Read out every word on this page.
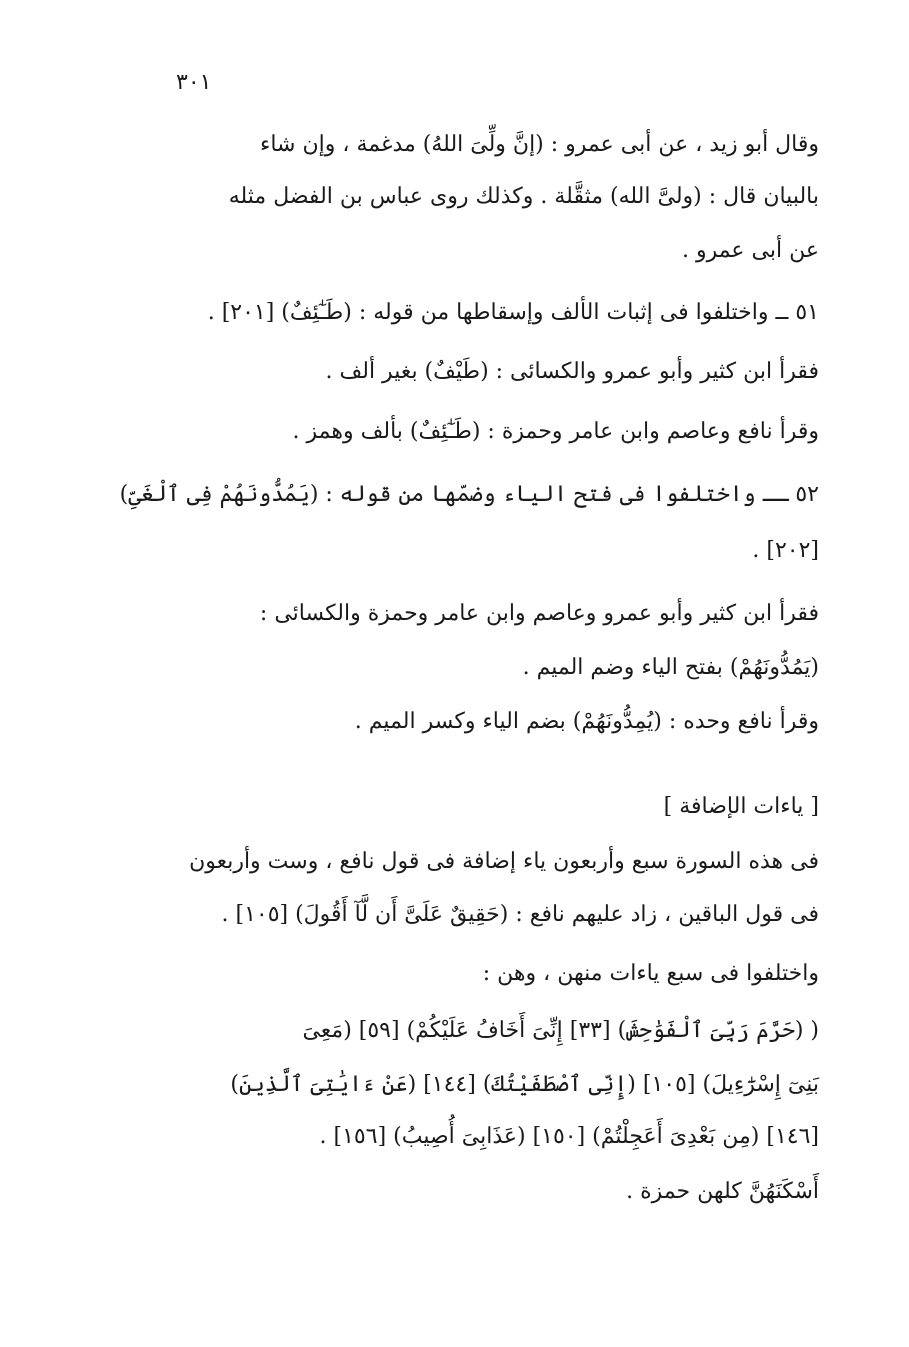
٣٠١
وقال أبو زيد ، عن أبى عمرو : (إنَّ ولِّىَ اللهُ) مدغمة ، وإن شاء
بالبيان قال : (ولىَّ الله) مثقَّلة . وكذلك روى عباس بن الفضل مثله
عن أبى عمرو .
٥١ ــ واختلفوا فى إثبات الألف وإسقاطها من قوله : (طَـٰٓئِفٌ) [٢٠١] .
فقرأ ابن كثير وأبو عمرو والكسائى : (طَيْفٌ) بغير ألف .
وقرأ نافع وعاصم وابن عامر وحمزة : (طَـٰٓئِفٌ) بألف وهمز .
٥٢ ــ واختلفوا فى فتح الياء وضمّها من قوله : (يَمُدُّونَهُمْ فِى ٱلْغَىِّ)
[٢٠٢] .
فقرأ ابن كثير وأبو عمرو وعاصم وابن عامر وحمزة والكسائى :
(يَمُدُّونَهُمْ) بفتح الياء وضم الميم .
وقرأ نافع وحده : (يُمِدُّونَهُمْ) بضم الياء وكسر الميم .
[ ياءات الإضافة ]
فى هذه السورة سبع وأربعون ياء إضافة فى قول نافع ، وست وأربعون
فى قول الباقين ، زاد عليهم نافع : (حَقِيقٌ عَلَىَّ أَن لَّآ أَقُولَ) [١٠٥] .
واختلفوا فى سبع ياءات منهن ، وهن :
( (حَرَّمَ رَبِّىَ ٱلْفَوَٰحِشَ) [٣٣] إِنِّىَ أَخَافُ عَلَيْكُمْ) [٥٩] (مَعِىَ
بَنِىٓ إِسْرَٰٓءِيلَ) [١٠٥] (إِنِّى ٱصْطَفَيْتُكَ) [١٤٤] (عَنْ ءَايَٰتِىَ ٱلَّذِينَ)
[١٤٦] (مِن بَعْدِىَ أَعَجِلْتُمْ) [١٥٠] (عَذَابِىَ أُصِيبُ) [١٥٦] .
أَسْكَنَهُنَّ كلهن حمزة .
